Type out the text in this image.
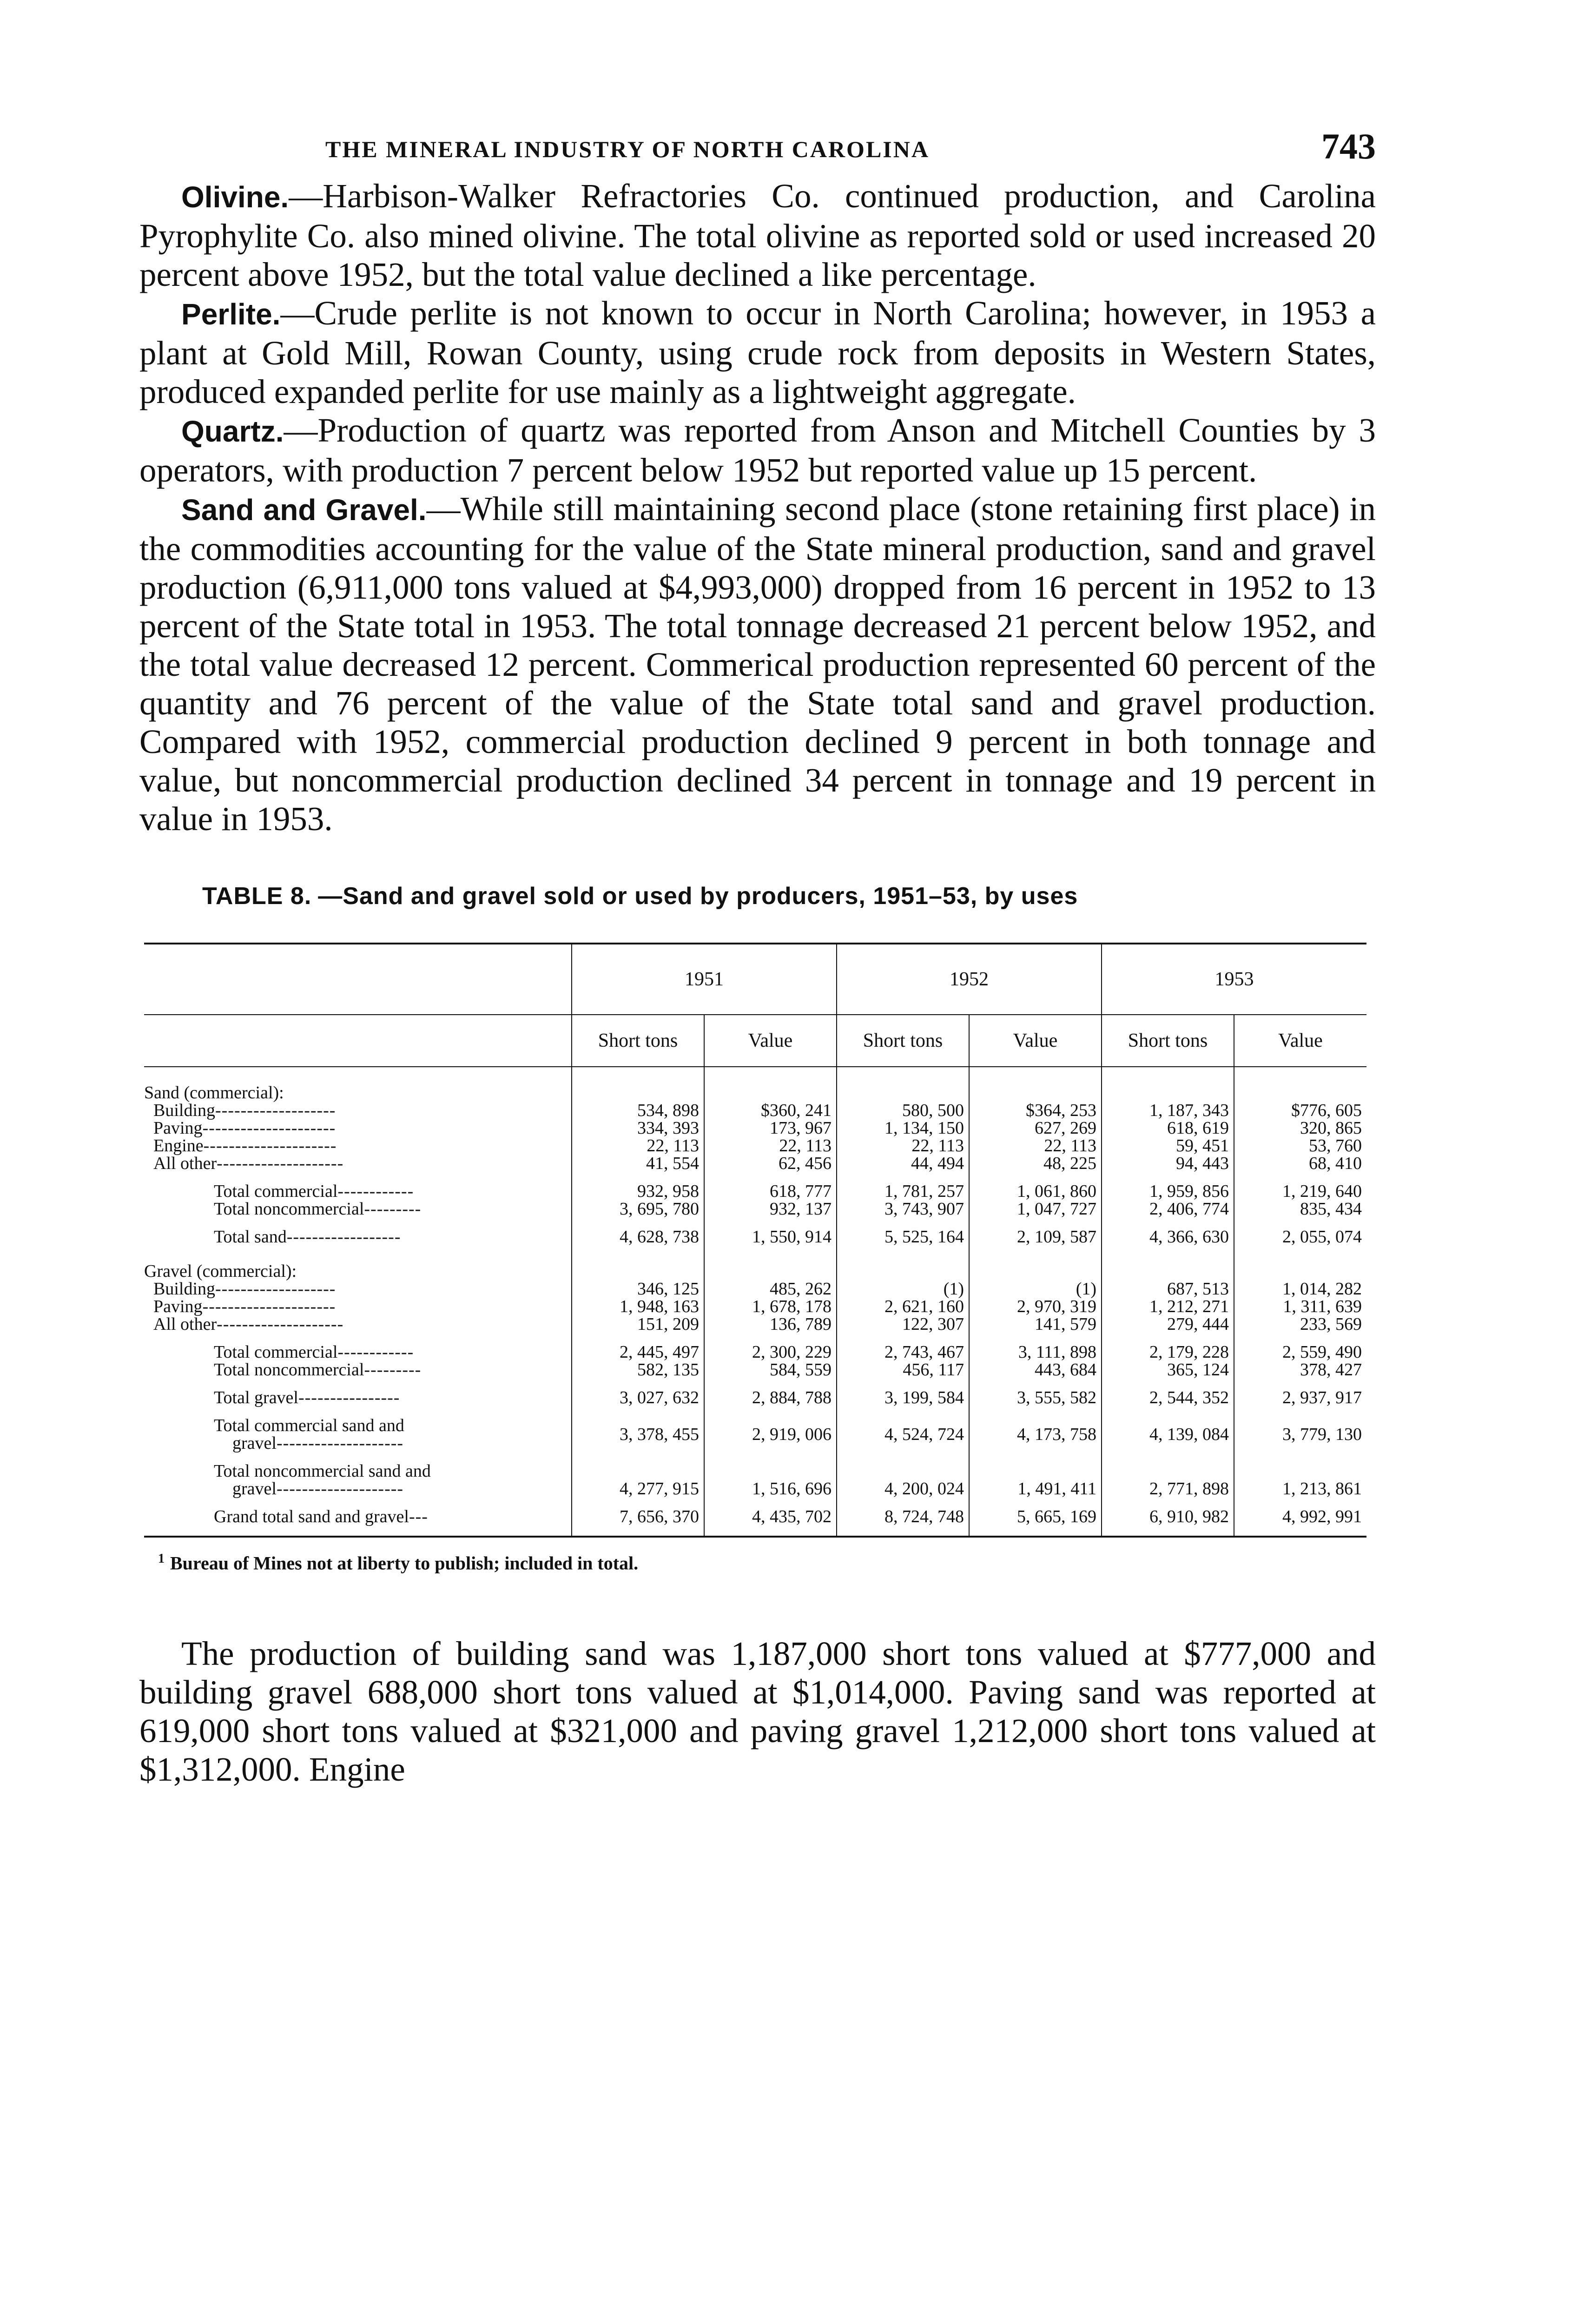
THE MINERAL INDUSTRY OF NORTH CAROLINA	743

Olivine.—Harbison-Walker Refractories Co. continued production, and Carolina Pyrophylite Co. also mined olivine. The total olivine as reported sold or used increased 20 percent above 1952, but the total value declined a like percentage.

Perlite.—Crude perlite is not known to occur in North Carolina; however, in 1953 a plant at Gold Mill, Rowan County, using crude rock from deposits in Western States, produced expanded perlite for use mainly as a lightweight aggregate.

Quartz.—Production of quartz was reported from Anson and Mitchell Counties by 3 operators, with production 7 percent below 1952 but reported value up 15 percent.

Sand and Gravel.—While still maintaining second place (stone retaining first place) in the commodities accounting for the value of the State mineral production, sand and gravel production (6,911,000 tons valued at $4,993,000) dropped from 16 percent in 1952 to 13 percent of the State total in 1953. The total tonnage decreased 21 percent below 1952, and the total value decreased 12 percent. Commerical production represented 60 percent of the quantity and 76 percent of the value of the State total sand and gravel production. Compared with 1952, commercial production declined 9 percent in both tonnage and value, but noncommercial production declined 34 percent in tonnage and 19 percent in value in 1953.

TABLE 8. —Sand and gravel sold or used by producers, 1951–53, by uses
	1951		1952		1953	
	Short tons	Value	Short tons	Value	Short tons	Value
Sand (commercial):						
Building-------------------	534, 898	$360, 241	580, 500	$364, 253	1, 187, 343	$776, 605
Paving---------------------	334, 393	173, 967	1, 134, 150	627, 269	618, 619	320, 865
Engine---------------------	22, 113	22, 113	22, 113	22, 113	59, 451	53, 760
All other--------------------	41, 554	62, 456	44, 494	48, 225	94, 443	68, 410
Total commercial------------	932, 958	618, 777	1, 781, 257	1, 061, 860	1, 959, 856	1, 219, 640
Total noncommercial---------	3, 695, 780	932, 137	3, 743, 907	1, 047, 727	2, 406, 774	835, 434
Total sand------------------	4, 628, 738	1, 550, 914	5, 525, 164	2, 109, 587	4, 366, 630	2, 055, 074
Gravel (commercial):						
Building-------------------	346, 125	485, 262	(1)	(1)	687, 513	1, 014, 282
Paving---------------------	1, 948, 163	1, 678, 178	2, 621, 160	2, 970, 319	1, 212, 271	1, 311, 639
All other--------------------	151, 209	136, 789	122, 307	141, 579	279, 444	233, 569
Total commercial------------	2, 445, 497	2, 300, 229	2, 743, 467	3, 111, 898	2, 179, 228	2, 559, 490
Total noncommercial---------	582, 135	584, 559	456, 117	443, 684	365, 124	378, 427
Total gravel----------------	3, 027, 632	2, 884, 788	3, 199, 584	3, 555, 582	2, 544, 352	2, 937, 917

Total commercial sand and
gravel--------------------	3, 378, 455	2, 919, 006	4, 524, 724	4, 173, 758	4, 139, 084	3, 779, 130

Total noncommercial sand and
gravel--------------------	4, 277, 915	1, 516, 696	4, 200, 024	1, 491, 411	2, 771, 898	1, 213, 861
Grand total sand and gravel---	7, 656, 370	4, 435, 702	8, 724, 748	5, 665, 169	6, 910, 982	4, 992, 991
$^1$ Bureau of Mines not at liberty to publish; included in total.

The production of building sand was 1,187,000 short tons valued at $777,000 and building gravel 688,000 short tons valued at $1,014,000. Paving sand was reported at 619,000 short tons valued at $321,000 and paving gravel 1,212,000 short tons valued at $1,312,000. Engine
